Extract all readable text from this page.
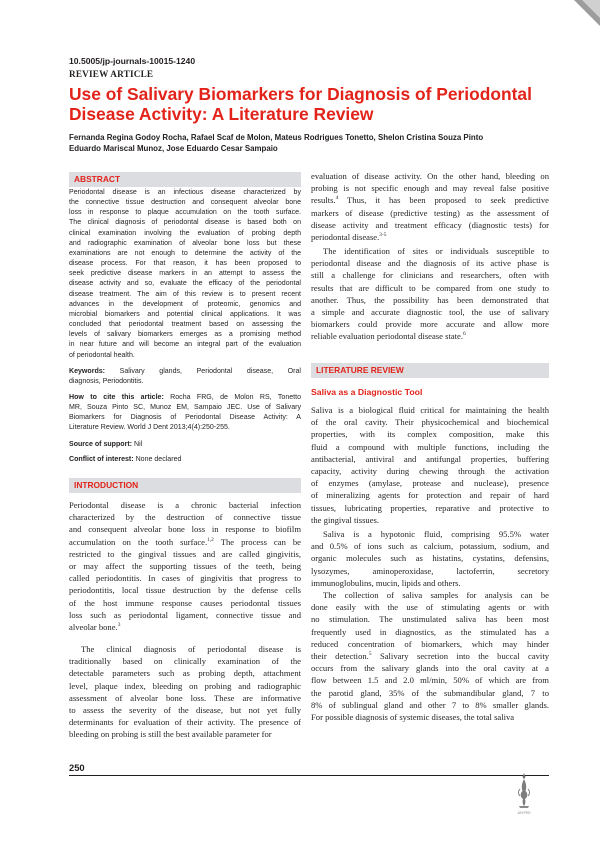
10.5005/jp-journals-10015-1240
REVIEW ARTICLE
Use of Salivary Biomarkers for Diagnosis of Periodontal
Disease Activity: A Literature Review
Fernanda Regina Godoy Rocha, Rafael Scaf de Molon, Mateus Rodrigues Tonetto, Shelon Cristina Souza Pinto
Eduardo Mariscal Munoz, Jose Eduardo Cesar Sampaio
ABSTRACT
Periodontal disease is an infectious disease characterized by
the connective tissue destruction and consequent alveolar bone
loss in response to plaque accumulation on the tooth surface.
The clinical diagnosis of periodontal disease is based both on
clinical examination involving the evaluation of probing depth
and radiographic examination of alveolar bone loss but these
examinations are not enough to determine the activity of the
disease process. For that reason, it has been proposed to
seek predictive disease markers in an attempt to assess the
disease activity and so, evaluate the efficacy of the periodontal
disease treatment. The aim of this review is to present recent
advances in the development of proteomic, genomics and
microbial biomarkers and potential clinical applications. It was
concluded that periodontal treatment based on assessing the
levels of salivary biomarkers emerges as a promising method
in near future and will become an integral part of the evaluation
of periodontal health.
Keywords: Salivary glands, Periodontal disease, Oral
diagnosis, Periodontitis.
How to cite this article: Rocha FRG, de Molon RS, Tonetto
MR, Souza Pinto SC, Munoz EM, Sampaio JEC. Use of Salivary
Biomarkers for Diagnosis of Periodontal Disease Activity: A
Literature Review. World J Dent 2013;4(4):250-255.
Source of support: Nil
Conflict of interest: None declared
INTRODUCTION
Periodontal disease is a chronic bacterial infection
characterized by the destruction of connective tissue
and consequent alveolar bone loss in response to biofilm
accumulation on the tooth surface.$^{1,2}$ The process can be
restricted to the gingival tissues and are called gingivitis,
or may affect the supporting tissues of the teeth, being
called periodontitis. In cases of gingivitis that progress to
periodontitis, local tissue destruction by the defense cells
of the host immune response causes periodontal tissues
loss such as periodontal ligament, connective tissue and
alveolar bone.$^3$
The clinical diagnosis of periodontal disease is
traditionally based on clinically examination of the
detectable parameters such as probing depth, attachment
level, plaque index, bleeding on probing and radiographic
assessment of alveolar bone loss. These are informative
to assess the severity of the disease, but not yet fully
determinants for evaluation of their activity. The presence of
bleeding on probing is still the best available parameter for
evaluation of disease activity. On the other hand, bleeding on
probing is not specific enough and may reveal false positive
results.$^4$ Thus, it has been proposed to seek predictive
markers of disease (predictive testing) as the assessment of
disease activity and treatment efficacy (diagnostic tests) for
periodontal disease.$^{3-5}$
The identification of sites or individuals susceptible to
periodontal disease and the diagnosis of its active phase is
still a challenge for clinicians and researchers, often with
results that are difficult to be compared from one study to
another. Thus, the possibility has been demonstrated that
a simple and accurate diagnostic tool, the use of salivary
biomarkers could provide more accurate and allow more
reliable evaluation periodontal disease state.$^6$
LITERATURE REVIEW
Saliva as a Diagnostic Tool
Saliva is a biological fluid critical for maintaining the health
of the oral cavity. Their physicochemical and biochemical
properties, with its complex composition, make this
fluid a compound with multiple functions, including the
antibacterial, antiviral and antifungal properties, buffering
capacity, activity during chewing through the activation
of enzymes (amylase, protease and nuclease), presence
of mineralizing agents for protection and repair of hard
tissues, lubricating properties, reparative and protective to
the gingival tissues.
Saliva is a hypotonic fluid, comprising 95.5% water
and 0.5% of ions such as calcium, potassium, sodium, and
organic molecules such as histatins, cystatins, defensins,
lysozymes, aminoperoxidase, lactoferrin, secretory
immunoglobulins, mucin, lipids and others.
The collection of saliva samples for analysis can be
done easily with the use of stimulating agents or with
no stimulation. The unstimulated saliva has been most
frequently used in diagnostics, as the stimulated has a
reduced concentration of biomarkers, which may hinder
their detection.$^5$ Salivary secretion into the buccal cavity
occurs from the salivary glands into the oral cavity at a
flow between 1.5 and 2.0 ml/min, 50% of which are from
the parotid gland, 35% of the submandibular gland, 7 to
8% of sublingual gland and other 7 to 8% smaller glands.
For possible diagnosis of systemic diseases, the total saliva
250
JAYPEE
